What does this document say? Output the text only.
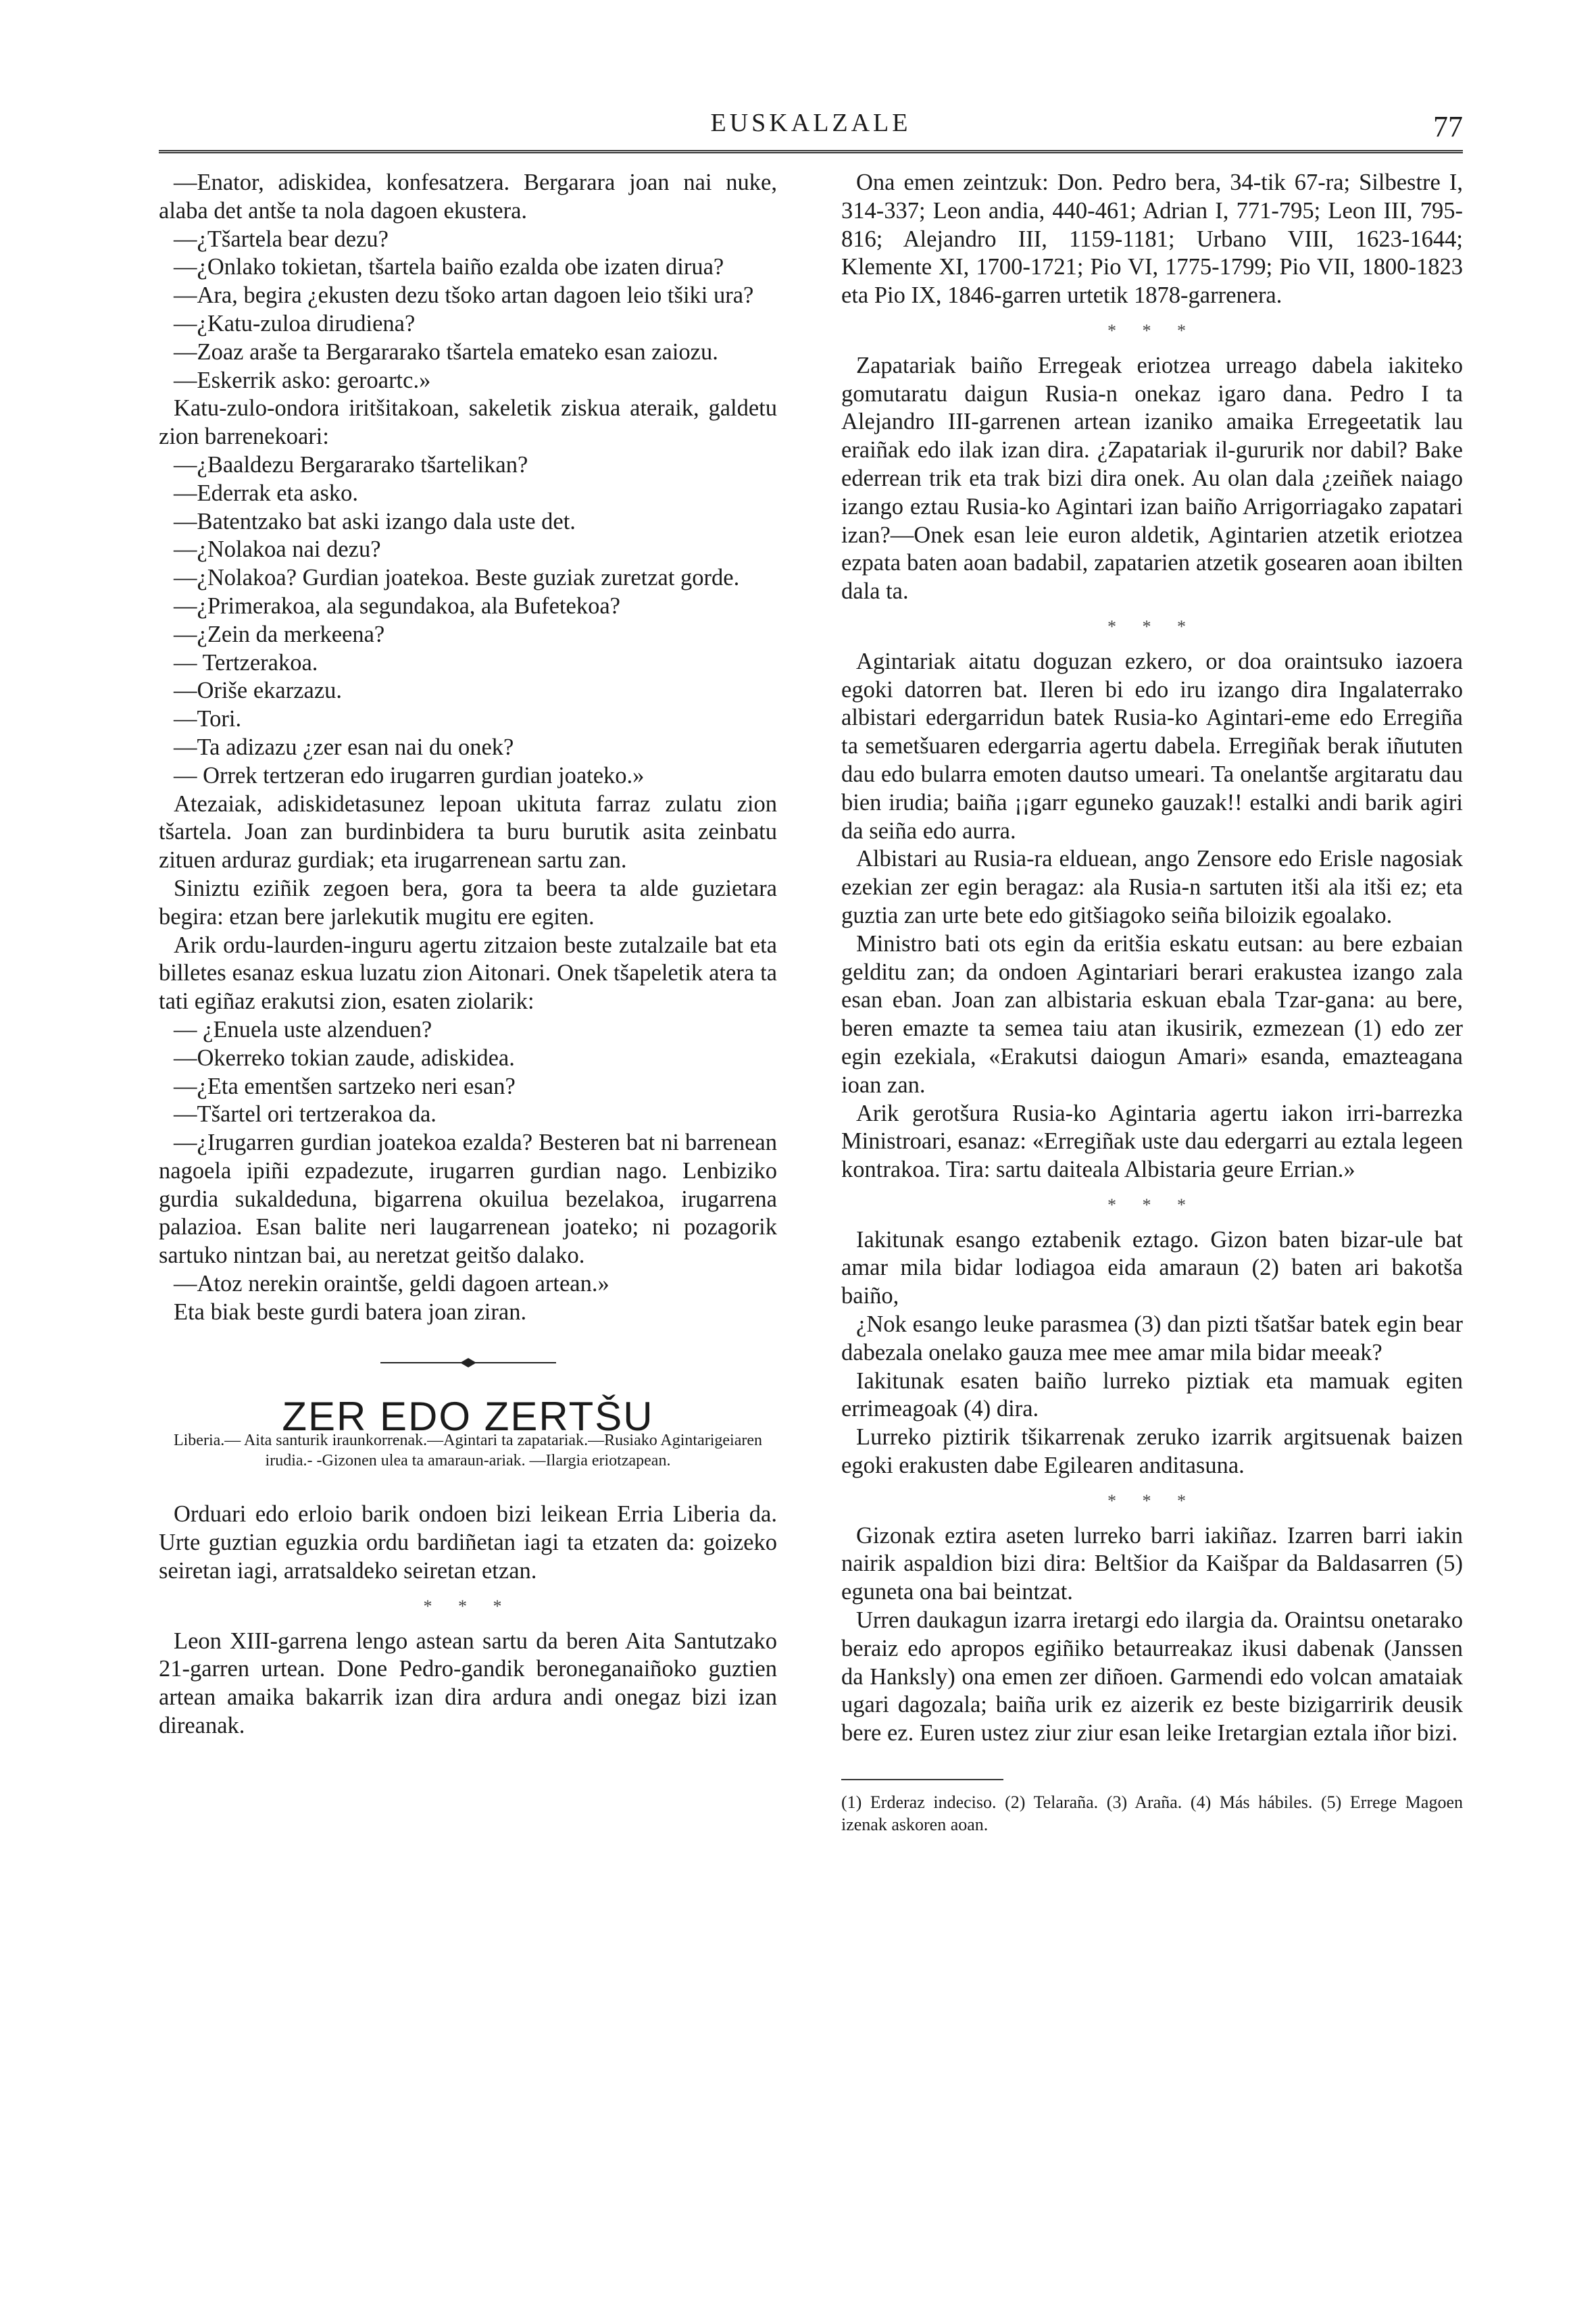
EUSKALZALE	77

—Enator, adiskidea, konfesatzera. Bergarara joan nai nuke, alaba det antše ta nola dagoen ekustera.

—¿Tšartela bear dezu?

—¿Onlako tokietan, tšartela baiño ezalda obe izaten dirua?

—Ara, begira ¿ekusten dezu tšoko artan dagoen leio tšiki ura?

—¿Katu-zuloa dirudiena?

—Zoaz araše ta Bergararako tšartela emateko esan zaiozu.

—Eskerrik asko: geroartc.»

Katu-zulo-ondora iritšitakoan, sakeletik ziskua ateraik, galdetu zion barrenekoari:

—¿Baaldezu Bergararako tšartelikan?

—Ederrak eta asko.

—Batentzako bat aski izango dala uste det.

—¿Nolakoa nai dezu?

—¿Nolakoa? Gurdian joatekoa. Beste guziak zuretzat gorde.

—¿Primerakoa, ala segundakoa, ala Bufetekoa?

—¿Zein da merkeena?

— Tertzerakoa.

—Oriše ekarzazu.

—Tori.

—Ta adizazu ¿zer esan nai du onek?

— Orrek tertzeran edo irugarren gurdian joateko.»

Atezaiak, adiskidetasunez lepoan ukituta farraz zulatu zion tšartela. Joan zan burdinbidera ta buru burutik asita zeinbatu zituen arduraz gurdiak; eta irugarrenean sartu zan.

Siniztu eziñik zegoen bera, gora ta beera ta alde guzietara begira: etzan bere jarlekutik mugitu ere egiten.

Arik ordu-laurden-inguru agertu zitzaion beste zutalzaile bat eta billetes esanaz eskua luzatu zion Aitonari. Onek tšapeletik atera ta tati egiñaz erakutsi zion, esaten ziolarik:

— ¿Enuela uste alzenduen?

—Okerreko tokian zaude, adiskidea.

—¿Eta ementšen sartzeko neri esan?

—Tšartel ori tertzerakoa da.

—¿Irugarren gurdian joatekoa ezalda? Besteren bat ni barrenean nagoela ipiñi ezpadezute, irugarren gurdian nago. Lenbiziko gurdia sukaldeduna, bigarrena okuilua bezelakoa, irugarrena palazioa. Esan balite neri laugarrenean joateko; ni pozagorik sartuko nintzan bai, au neretzat geitšo dalako.

—Atoz nerekin oraintše, geldi dagoen artean.»

Eta biak beste gurdi batera joan ziran.

ZER EDO ZERTŠU

Liberia.— Aita santurik iraunkorrenak.—Agintari ta zapatariak.—Rusiako Agintarigeiaren irudia.- -Gizonen ulea ta amaraun-ariak. —Ilargia eriotzapean.

Orduari edo erloio barik ondoen bizi leikean Erria Liberia da. Urte guztian eguzkia ordu bardiñetan iagi ta etzaten da: goizeko seiretan iagi, arratsaldeko seiretan etzan.

* * *

Leon XIII-garrena lengo astean sartu da beren Aita Santutzako 21-garren urtean. Done Pedro-gandik beroneganaiñoko guztien artean amaika bakarrik izan dira ardura andi onegaz bizi izan direanak.

Ona emen zeintzuk: Don. Pedro bera, 34-tik 67-ra; Silbestre I, 314-337; Leon andia, 440-461; Adrian I, 771-795; Leon III, 795-816; Alejandro III, 1159-1181; Urbano VIII, 1623-1644; Klemente XI, 1700-1721; Pio VI, 1775-1799; Pio VII, 1800-1823 eta Pio IX, 1846-garren urtetik 1878-garrenera.

* * *

Zapatariak baiño Erregeak eriotzea urreago dabela iakiteko gomutaratu daigun Rusia-n onekaz igaro dana. Pedro I ta Alejandro III-garrenen artean izaniko amaika Erregeetatik lau eraiñak edo ilak izan dira. ¿Zapatariak il-gururik nor dabil? Bake ederrean trik eta trak bizi dira onek. Au olan dala ¿zeiñek naiago izango eztau Rusia-ko Agintari izan baiño Arrigorriagako zapatari izan?—Onek esan leie euron aldetik, Agintarien atzetik eriotzea ezpata baten aoan badabil, zapatarien atzetik gosearen aoan ibilten dala ta.

* * *

Agintariak aitatu doguzan ezkero, or doa oraintsuko iazoera egoki datorren bat. Ileren bi edo iru izango dira Ingalaterrako albistari edergarridun batek Rusia-ko Agintari-eme edo Erregiña ta semetšuaren edergarria agertu dabela. Erregiñak berak iñututen dau edo bularra emoten dautso umeari. Ta onelantše argitaratu dau bien irudia; baiña ¡¡garr eguneko gauzak!! estalki andi barik agiri da seiña edo aurra.

Albistari au Rusia-ra elduean, ango Zensore edo Erisle nagosiak ezekian zer egin beragaz: ala Rusia-n sartuten itši ala itši ez; eta guztia zan urte bete edo gitšiagoko seiña biloizik egoalako.

Ministro bati ots egin da eritšia eskatu eutsan: au bere ezbaian gelditu zan; da ondoen Agintariari berari erakustea izango zala esan eban. Joan zan albistaria eskuan ebala Tzar-gana: au bere, beren emazte ta semea taiu atan ikusirik, ezmezean (1) edo zer egin ezekiala, «Erakutsi daiogun Amari» esanda, emazteagana ioan zan.

Arik gerotšura Rusia-ko Agintaria agertu iakon irri-barrezka Ministroari, esanaz: «Erregiñak uste dau edergarri au eztala legeen kontrakoa. Tira: sartu daiteala Albistaria geure Errian.»

* * *

Iakitunak esango eztabenik eztago. Gizon baten bizar-ule bat amar mila bidar lodiagoa eida amaraun (2) baten ari bakotša baiño,

¿Nok esango leuke parasmea (3) dan pizti tšatšar batek egin bear dabezala onelako gauza mee mee amar mila bidar meeak?

Iakitunak esaten baiño lurreko piztiak eta mamuak egiten errimeagoak (4) dira.

Lurreko piztirik tšikarrenak zeruko izarrik argitsuenak baizen egoki erakusten dabe Egilearen anditasuna.

* * *

Gizonak eztira aseten lurreko barri iakiñaz. Izarren barri iakin nairik aspaldion bizi dira: Beltšior da Kaišpar da Baldasarren (5) eguneta ona bai beintzat.

Urren daukagun izarra iretargi edo ilargia da. Oraintsu onetarako beraiz edo apropos egiñiko betaurreakaz ikusi dabenak (Janssen da Hanksly) ona emen zer diñoen. Garmendi edo volcan amataiak ugari dagozala; baiña urik ez aizerik ez beste bizigarririk deusik bere ez. Euren ustez ziur ziur esan leike Iretargian eztala iñor bizi.

(1) Erderaz indeciso. (2) Telaraña. (3) Araña. (4) Más hábiles. (5) Errege Magoen izenak askoren aoan.
